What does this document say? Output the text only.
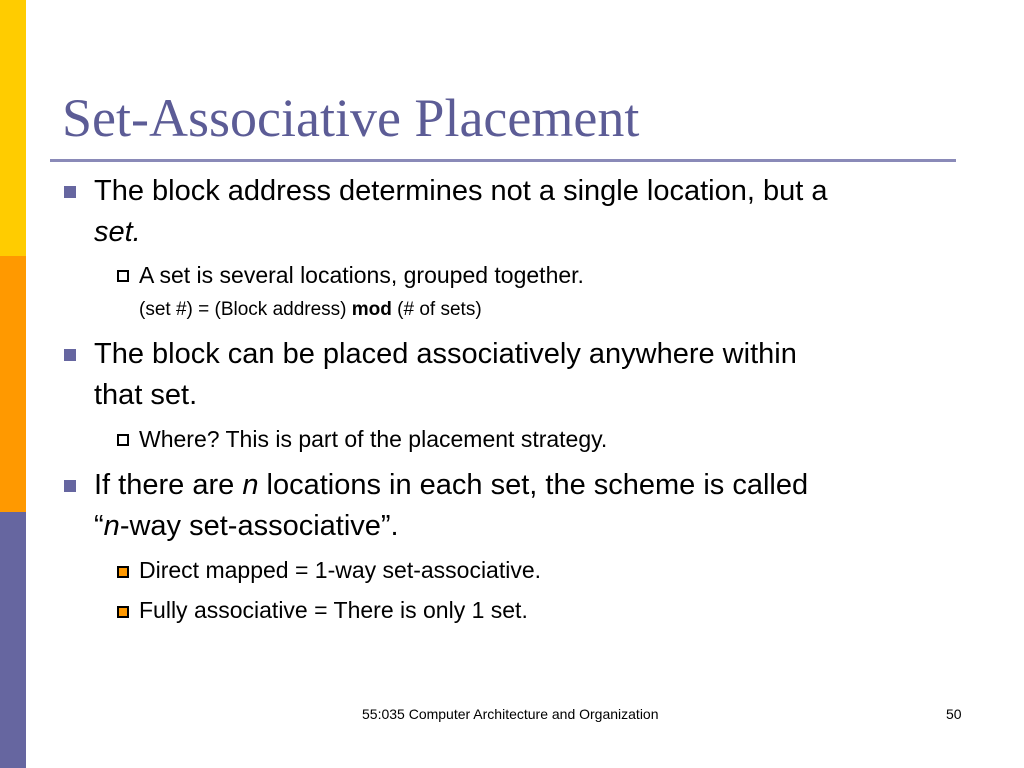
Set-Associative Placement
The block address determines not a single location, but a
set.
A set is several locations, grouped together.
(set #) = (Block address) mod (# of sets)
The block can be placed associatively anywhere within
that set.
Where? This is part of the placement strategy.
If there are n locations in each set, the scheme is called
“n-way set-associative”.
Direct mapped = 1-way set-associative.
Fully associative = There is only 1 set.
55:035 Computer Architecture and Organization	50
